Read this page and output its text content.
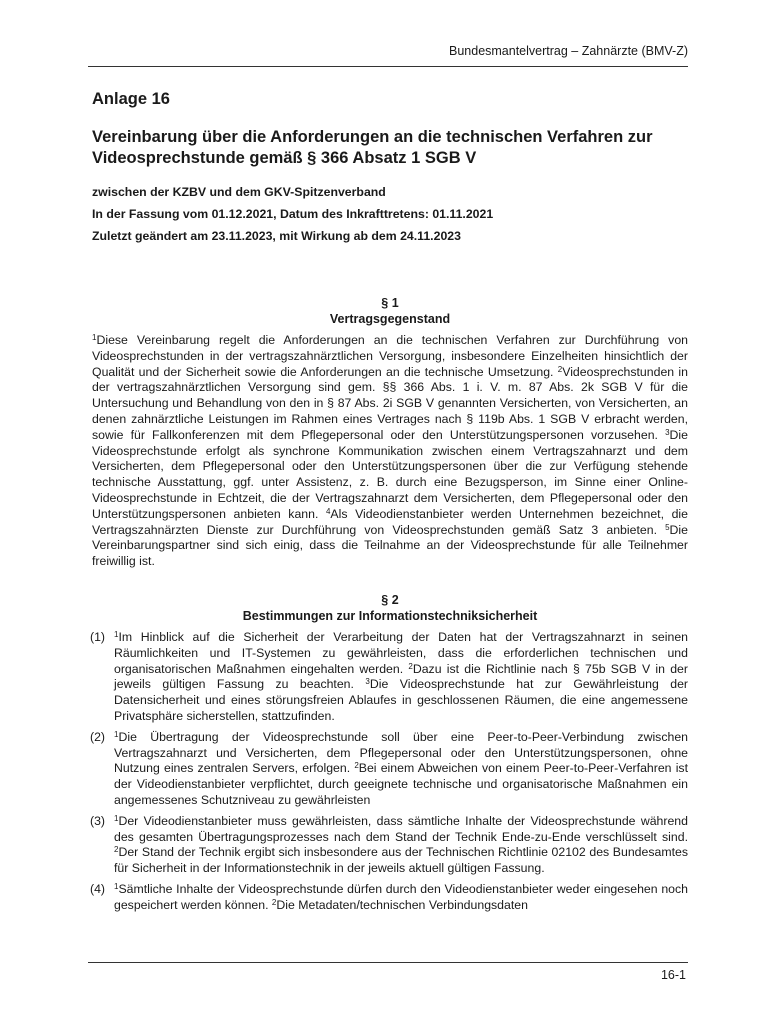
Bundesmantelvertrag – Zahnärzte (BMV-Z)
Anlage 16
Vereinbarung über die Anforderungen an die technischen Verfahren zur Videosprechstunde gemäß § 366 Absatz 1 SGB V
zwischen der KZBV und dem GKV-Spitzenverband
In der Fassung vom 01.12.2021, Datum des Inkrafttretens: 01.11.2021
Zuletzt geändert am 23.11.2023, mit Wirkung ab dem 24.11.2023
§ 1
Vertragsgegenstand

$^1$Diese Vereinbarung regelt die Anforderungen an die technischen Verfahren zur Durchführung von Videosprechstunden in der vertragszahnärztlichen Versorgung, insbesondere Einzelheiten hinsichtlich der Qualität und der Sicherheit sowie die Anforderungen an die technische Umsetzung. $^2$Videosprechstunden in der vertragszahnärztlichen Versorgung sind gem. §§ 366 Abs. 1 i. V. m. 87 Abs. 2k SGB V für die Untersuchung und Behandlung von den in § 87 Abs. 2i SGB V genannten Versicherten, von Versicherten, an denen zahnärztliche Leistungen im Rahmen eines Vertrages nach § 119b Abs. 1 SGB V erbracht werden, sowie für Fallkonferenzen mit dem Pflegepersonal oder den Unterstützungspersonen vorzusehen. $^3$Die Videosprechstunde erfolgt als synchrone Kommunikation zwischen einem Vertragszahnarzt und dem Versicherten, dem Pflegepersonal oder den Unterstützungspersonen über die zur Verfügung stehende technische Ausstattung, ggf. unter Assistenz, z. B. durch eine Bezugsperson, im Sinne einer Online-Videosprechstunde in Echtzeit, die der Vertragszahnarzt dem Versicherten, dem Pflegepersonal oder den Unterstützungspersonen anbieten kann. $^4$Als Videodienstanbieter werden Unternehmen bezeichnet, die Vertragszahnärzten Dienste zur Durchführung von Videosprechstunden gemäß Satz 3 anbieten. $^5$Die Vereinbarungspartner sind sich einig, dass die Teilnahme an der Videosprechstunde für alle Teilnehmer freiwillig ist.

§ 2
Bestimmungen zur Informationstechniksicherheit
(1)	$^1$Im Hinblick auf die Sicherheit der Verarbeitung der Daten hat der Vertragszahnarzt in seinen Räumlichkeiten und IT-Systemen zu gewährleisten, dass die erforderlichen technischen und organisatorischen Maßnahmen eingehalten werden. $^2$Dazu ist die Richtlinie nach § 75b SGB V in der jeweils gültigen Fassung zu beachten. $^3$Die Videosprechstunde hat zur Gewährleistung der Datensicherheit und eines störungsfreien Ablaufes in geschlossenen Räumen, die eine angemessene Privatsphäre sicherstellen, stattzufinden.
(2)	$^1$Die Übertragung der Videosprechstunde soll über eine Peer-to-Peer-Verbindung zwischen Vertragszahnarzt und Versicherten, dem Pflegepersonal oder den Unterstützungspersonen, ohne Nutzung eines zentralen Servers, erfolgen. $^2$Bei einem Abweichen von einem Peer-to-Peer-Verfahren ist der Videodienstanbieter verpflichtet, durch geeignete technische und organisatorische Maßnahmen ein angemessenes Schutzniveau zu gewährleisten
(3)	$^1$Der Videodienstanbieter muss gewährleisten, dass sämtliche Inhalte der Videosprechstunde während des gesamten Übertragungsprozesses nach dem Stand der Technik Ende-zu-Ende verschlüsselt sind. $^2$Der Stand der Technik ergibt sich insbesondere aus der Technischen Richtlinie 02102 des Bundesamtes für Sicherheit in der Informationstechnik in der jeweils aktuell gültigen Fassung.
(4)	$^1$Sämtliche Inhalte der Videosprechstunde dürfen durch den Videodienstanbieter weder eingesehen noch gespeichert werden können. $^2$Die Metadaten/technischen Verbindungsdaten
16-1
